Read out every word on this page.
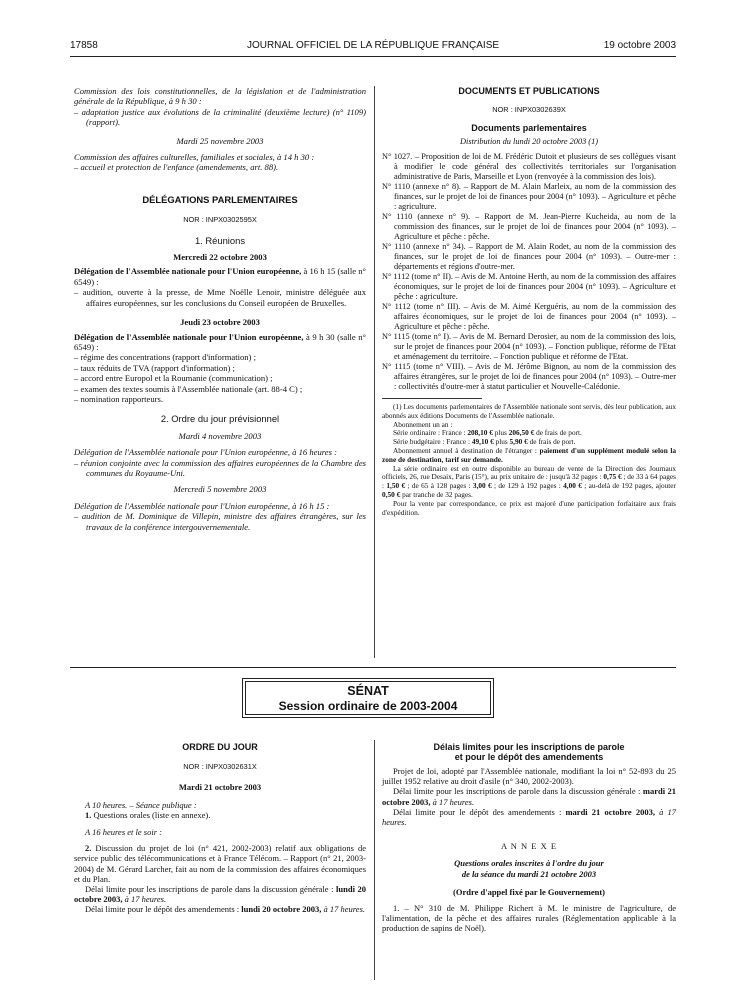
17858	JOURNAL OFFICIEL DE LA RÉPUBLIQUE FRANÇAISE	19 octobre 2003

Commission des lois constitutionnelles, de la législation et de l'administration générale de la République, à 9 h 30 :

– adaptation justice aux évolutions de la criminalité (deuxième lecture) (n° 1109) (rapport).

Mardi 25 novembre 2003

Commission des affaires culturelles, familiales et sociales, à 14 h 30 :

– accueil et protection de l'enfance (amendements, art. 88).

DÉLÉGATIONS PARLEMENTAIRES

NOR : INPX0302595X

1. Réunions

Mercredi 22 octobre 2003

Délégation de l'Assemblée nationale pour l'Union européenne, à 16 h 15 (salle n° 6549) :

– audition, ouverte à la presse, de Mme Noëlle Lenoir, ministre déléguée aux affaires européennes, sur les conclusions du Conseil européen de Bruxelles.

Jeudi 23 octobre 2003

Délégation de l'Assemblée nationale pour l'Union européenne, à 9 h 30 (salle n° 6549) :

– régime des concentrations (rapport d'information) ;

– taux réduits de TVA (rapport d'information) ;

– accord entre Europol et la Roumanie (communication) ;

– examen des textes soumis à l'Assemblée nationale (art. 88-4 C) ;

– nomination rapporteurs.

2. Ordre du jour prévisionnel

Mardi 4 novembre 2003

Délégation de l'Assemblée nationale pour l'Union européenne, à 16 heures :

– réunion conjointe avec la commission des affaires européennes de la Chambre des communes du Royaume-Uni.

Mercredi 5 novembre 2003

Délégation de l'Assemblée nationale pour l'Union européenne, à 16 h 15 :

– audition de M. Dominique de Villepin, ministre des affaires étrangères, sur les travaux de la conférence intergouvernementale.

DOCUMENTS ET PUBLICATIONS

NOR : INPX0302639X

Documents parlementaires

Distribution du lundi 20 octobre 2003 (1)

N° 1027. – Proposition de loi de M. Frédéric Dutoit et plusieurs de ses collègues visant à modifier le code général des collectivités territoriales sur l'organisation administrative de Paris, Marseille et Lyon (renvoyée à la commission des lois).

N° 1110 (annexe n° 8). – Rapport de M. Alain Marleix, au nom de la commission des finances, sur le projet de loi de finances pour 2004 (n° 1093). – Agriculture et pêche : agriculture.

N° 1110 (annexe n° 9). – Rapport de M. Jean-Pierre Kucheida, au nom de la commission des finances, sur le projet de loi de finances pour 2004 (n° 1093). – Agriculture et pêche : pêche.

N° 1110 (annexe n° 34). – Rapport de M. Alain Rodet, au nom de la commission des finances, sur le projet de loi de finances pour 2004 (n° 1093). – Outre-mer : départements et régions d'outre-mer.

N° 1112 (tome n° II). – Avis de M. Antoine Herth, au nom de la commission des affaires économiques, sur le projet de loi de finances pour 2004 (n° 1093). – Agriculture et pêche : agriculture.

N° 1112 (tome n° III). – Avis de M. Aimé Kerguéris, au nom de la commission des affaires économiques, sur le projet de loi de finances pour 2004 (n° 1093). – Agriculture et pêche : pêche.

N° 1115 (tome n° I). – Avis de M. Bernard Derosier, au nom de la commission des lois, sur le projet de finances pour 2004 (n° 1093). – Fonction publique, réforme de l'Etat et aménagement du territoire. – Fonction publique et réforme de l'Etat.

N° 1115 (tome n° VIII). – Avis de M. Jérôme Bignon, au nom de la commission des affaires étrangères, sur le projet de loi de finances pour 2004 (n° 1093). – Outre-mer : collectivités d'outre-mer à statut particulier et Nouvelle-Calédonie.

(1) Les documents parlementaires de l'Assemblée nationale sont servis, dès leur publication, aux abonnés aux éditions Documents de l'Assemblée nationale.

Abonnement un an :

Série ordinaire : France : 208,10 € plus 206,50 € de frais de port.

Série budgétaire : France : 49,10 € plus 5,90 € de frais de port.

Abonnement annuel à destination de l'étranger : paiement d'un supplément modulé selon la zone de destination, tarif sur demande.

La série ordinaire est en outre disponible au bureau de vente de la Direction des Journaux officiels, 26, rue Desaix, Paris (15°), au prix unitaire de : jusqu'à 32 pages : 0,75 € ; de 33 à 64 pages : 1,50 € ; de 65 à 128 pages : 3,00 € ; de 129 à 192 pages : 4,00 € ; au-delà de 192 pages, ajouter 0,50 € par tranche de 32 pages.

Pour la vente par correspondance, ce prix est majoré d'une participation forfaitaire aux frais d'expédition.

SÉNAT
Session ordinaire de 2003-2004

ORDRE DU JOUR

NOR : INPX0302631X

Mardi 21 octobre 2003

A 10 heures. – Séance publique :

1. Questions orales (liste en annexe).

A 16 heures et le soir :

2. Discussion du projet de loi (n° 421, 2002-2003) relatif aux obligations de service public des télécommunications et à France Télécom. – Rapport (n° 21, 2003-2004) de M. Gérard Larcher, fait au nom de la commission des affaires économiques et du Plan.

Délai limite pour les inscriptions de parole dans la discussion générale : lundi 20 octobre 2003, à 17 heures.

Délai limite pour le dépôt des amendements : lundi 20 octobre 2003, à 17 heures.

Délais limites pour les inscriptions de parole

et pour le dépôt des amendements

Projet de loi, adopté par l'Assemblée nationale, modifiant la loi n° 52-893 du 25 juillet 1952 relative au droit d'asile (n° 340, 2002-2003).

Délai limite pour les inscriptions de parole dans la discussion générale : mardi 21 octobre 2003, à 17 heures.

Délai limite pour le dépôt des amendements : mardi 21 octobre 2003, à 17 heures.

A N N E X E

Questions orales inscrites à l'ordre du jour

de la séance du mardi 21 octobre 2003

(Ordre d'appel fixé par le Gouvernement)

1. – N° 310 de M. Philippe Richert à M. le ministre de l'agriculture, de l'alimentation, de la pêche et des affaires rurales (Réglementation applicable à la production de sapins de Noël).
